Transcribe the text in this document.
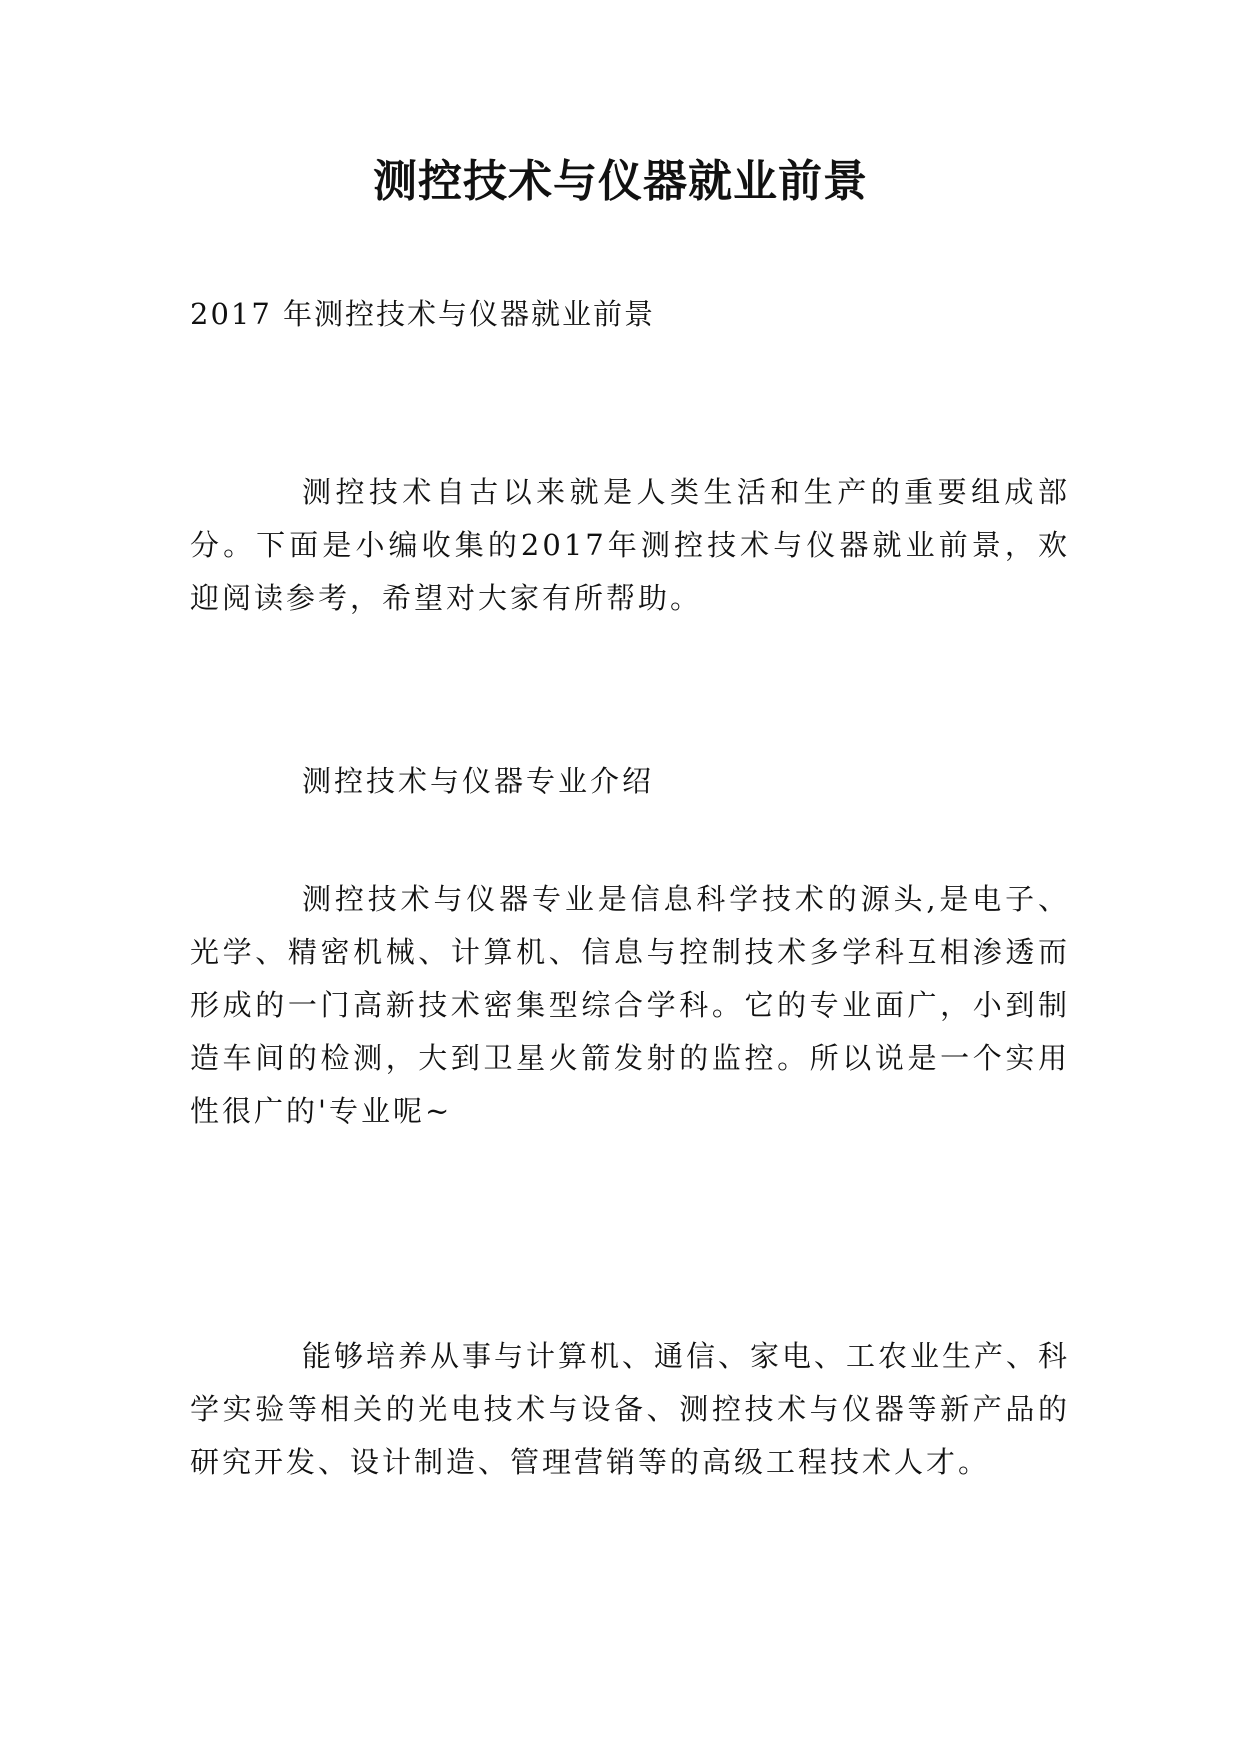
测控技术与仪器就业前景
2017 年测控技术与仪器就业前景

测控技术自古以来就是人类生活和生产的重要组成部分。下面是小编收集的2017年测控技术与仪器就业前景，欢迎阅读参考，希望对大家有所帮助。

测控技术与仪器专业介绍

测控技术与仪器专业是信息科学技术的源头,是电子、光学、精密机械、计算机、信息与控制技术多学科互相渗透而形成的一门高新技术密集型综合学科。它的专业面广，小到制造车间的检测，大到卫星火箭发射的监控。所以说是一个实用性很广的'专业呢~

能够培养从事与计算机、通信、家电、工农业生产、科学实验等相关的光电技术与设备、测控技术与仪器等新产品的研究开发、设计制造、管理营销等的高级工程技术人才。
